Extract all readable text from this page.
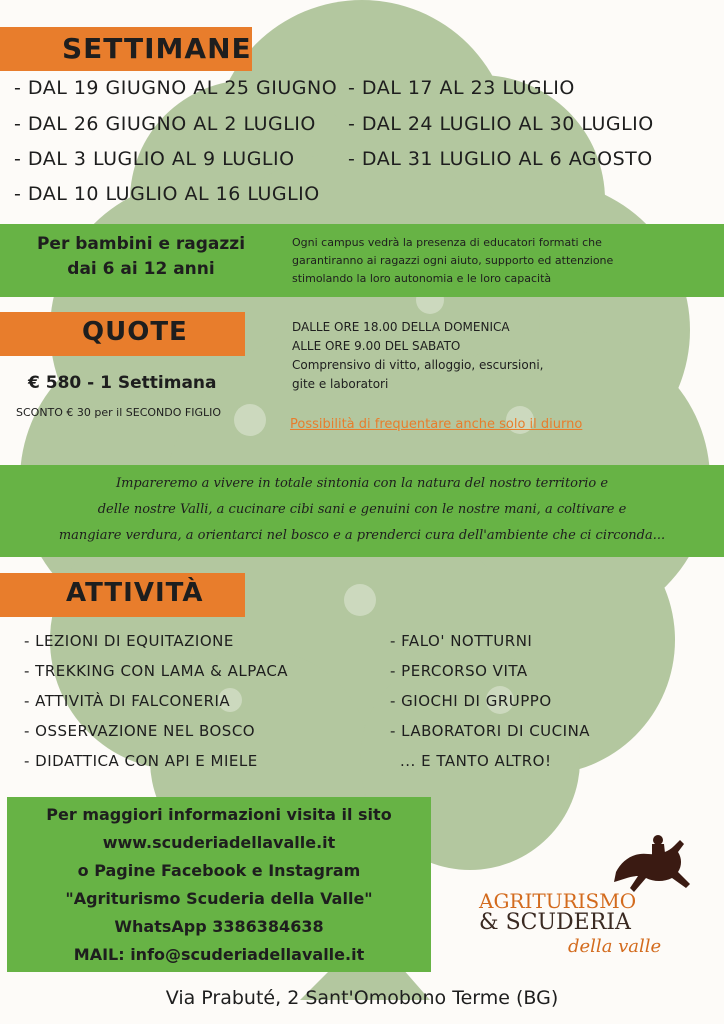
SETTIMANE
- DAL 19 GIUGNO AL 25 GIUGNO
- DAL 26 GIUGNO AL 2 LUGLIO
- DAL 3 LUGLIO AL 9 LUGLIO
- DAL 10 LUGLIO AL 16 LUGLIO
- DAL 17 AL 23 LUGLIO
- DAL 24 LUGLIO AL 30 LUGLIO
- DAL 31 LUGLIO AL 6 AGOSTO
Per bambini e ragazzi
dai 6 ai 12 anni
Ogni campus vedrà la presenza di educatori formati che
garantiranno ai ragazzi ogni aiuto, supporto ed attenzione
stimolando la loro autonomia e le loro capacità
QUOTE
€ 580 - 1 Settimana
SCONTO € 30 per il SECONDO FIGLIO
DALLE ORE 18.00 DELLA DOMENICA
ALLE ORE 9.00 DEL SABATO
Comprensivo di vitto, alloggio, escursioni,
gite e laboratori
Possibilità di frequentare anche solo il diurno
Impareremo a vivere in totale sintonia con la natura del nostro territorio e
delle nostre Valli, a cucinare cibi sani e genuini con le nostre mani, a coltivare e
mangiare verdura, a orientarci nel bosco e a prenderci cura dell'ambiente che ci circonda...
ATTIVITÀ
- LEZIONI DI EQUITAZIONE
- TREKKING CON LAMA & ALPACA
- ATTIVITÀ DI FALCONERIA
- OSSERVAZIONE NEL BOSCO
- DIDATTICA CON API E MIELE
- FALO' NOTTURNI
- PERCORSO VITA
- GIOCHI DI GRUPPO
- LABORATORI DI CUCINA
... E TANTO ALTRO!
Per maggiori informazioni visita il sito
www.scuderiadellavalle.it
o Pagine Facebook e Instagram
"Agriturismo Scuderia della Valle"
WhatsApp 3386384638
MAIL: info@scuderiadellavalle.it
AGRITURISMO
& SCUDERIA
della valle
Via Prabuté, 2 Sant'Omobono Terme (BG)
